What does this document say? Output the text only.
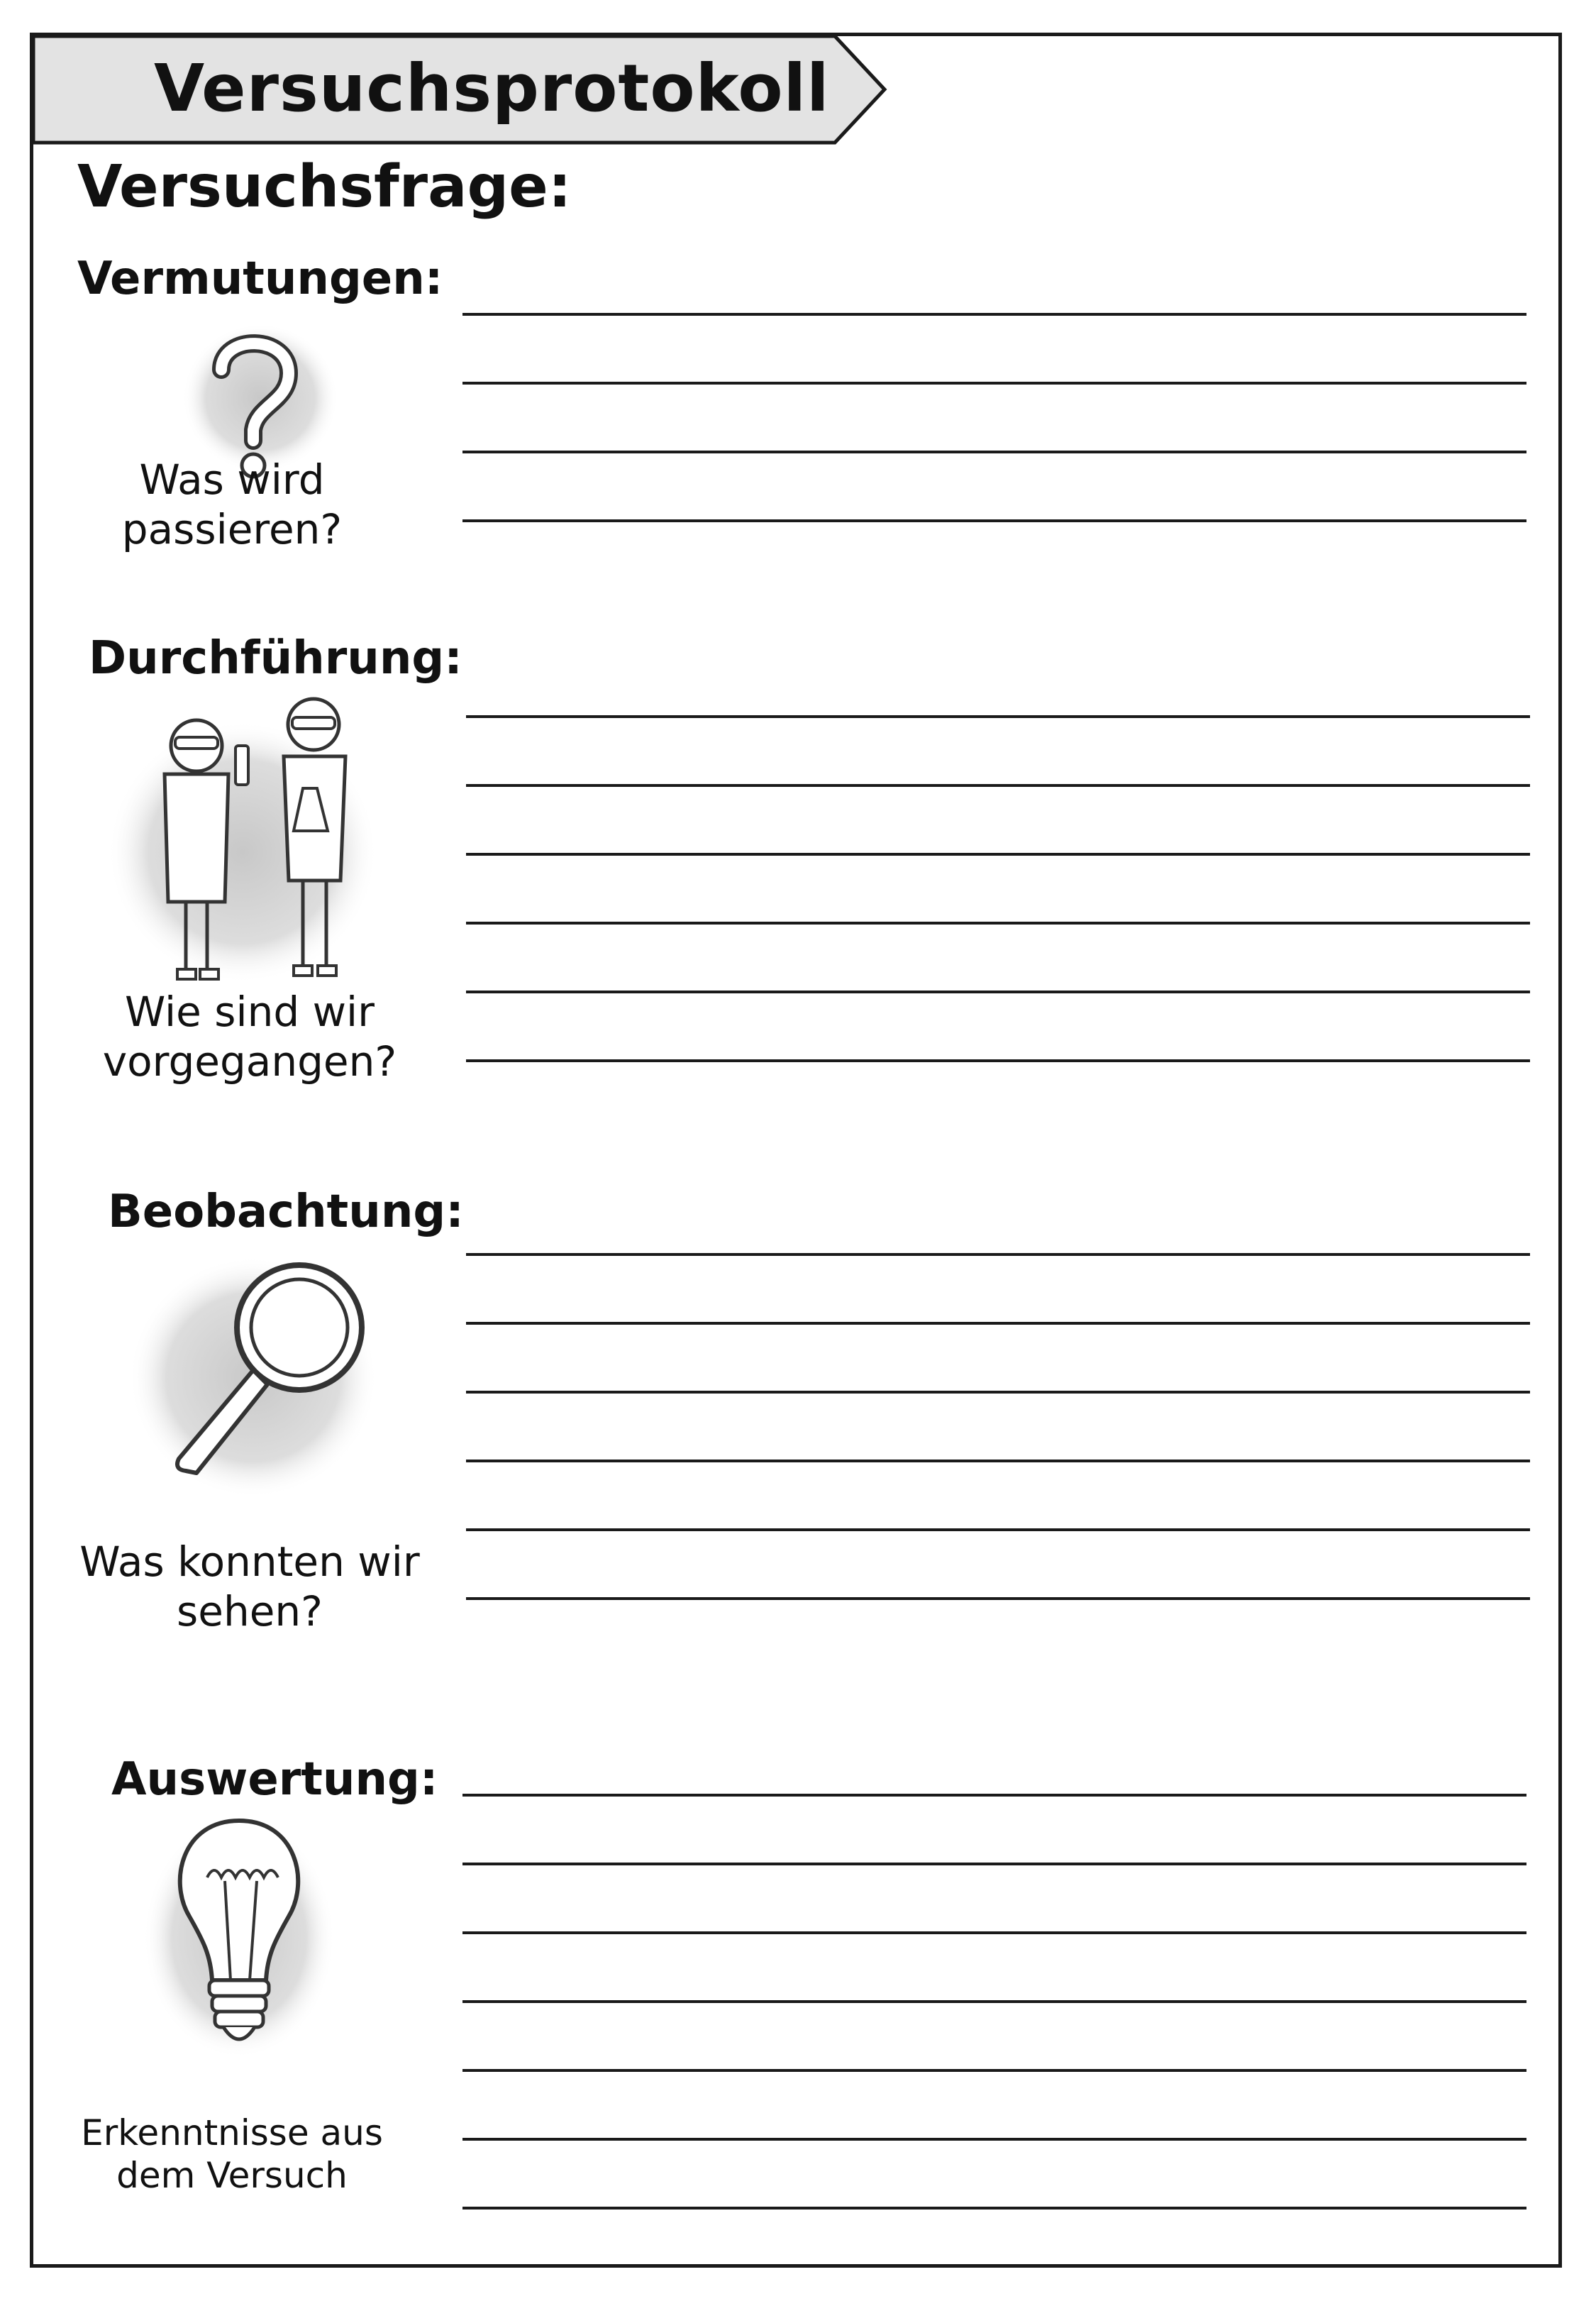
Versuchsprotokoll
Versuchsfrage:
Vermutungen:
Was wird
passieren?
Durchführung:
Wie sind wir
vorgegangen?
Beobachtung:
Was konnten wir
sehen?
Auswertung:
Erkenntnisse aus
dem Versuch
